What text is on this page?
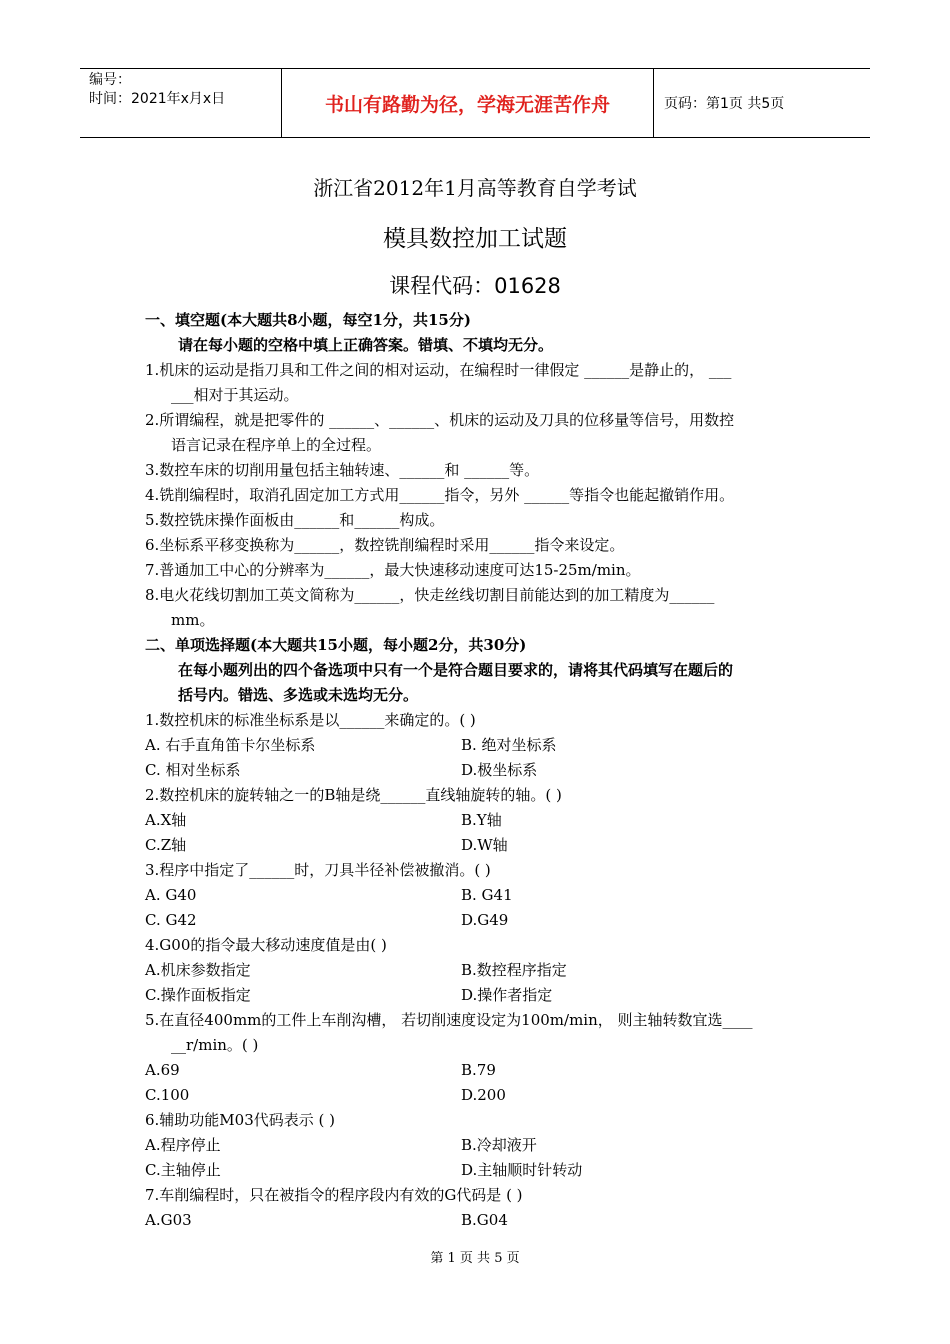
编号：
时间：2021年x月x日	书山有路勤为径，学海无涯苦作舟	页码：第1页 共5页
浙江省2012年1月高等教育自学考试
模具数控加工试题
课程代码：01628
一、填空题(本大题共8小题，每空1分，共15分)
请在每小题的空格中填上正确答案。错填、不填均无分。
1.机床的运动是指刀具和工件之间的相对运动，在编程时一律假定 ______是静止的， ___
___相对于其运动。
2.所谓编程，就是把零件的 ______、______、机床的运动及刀具的位移量等信号，用数控
语言记录在程序单上的全过程。
3.数控车床的切削用量包括主轴转速、______和 ______等。
4.铣削编程时，取消孔固定加工方式用______指令，另外 ______等指令也能起撤销作用。
5.数控铣床操作面板由______和______构成。
6.坐标系平移变换称为______，数控铣削编程时采用______指令来设定。
7.普通加工中心的分辨率为______，最大快速移动速度可达15-25m/min。
8.电火花线切割加工英文简称为______，快走丝线切割目前能达到的加工精度为______
mm。
二、单项选择题(本大题共15小题，每小题2分，共30分)
在每小题列出的四个备选项中只有一个是符合题目要求的，请将其代码填写在题后的
括号内。错选、多选或未选均无分。
1.数控机床的标准坐标系是以______来确定的。( )
A. 右手直角笛卡尔坐标系	B. 绝对坐标系
C. 相对坐标系	D.极坐标系
2.数控机床的旋转轴之一的B轴是绕______直线轴旋转的轴。( )
A.X轴	B.Y轴
C.Z轴	D.W轴
3.程序中指定了______时，刀具半径补偿被撤消。( )
A. G40	B. G41
C. G42	D.G49
4.G00的指令最大移动速度值是由( )
A.机床参数指定	B.数控程序指定
C.操作面板指定	D.操作者指定
5.在直径400mm的工件上车削沟槽， 若切削速度设定为100m/min， 则主轴转数宜选____
__r/min。( )
A.69	B.79
C.100	D.200
6.辅助功能M03代码表示 ( )
A.程序停止	B.冷却液开
C.主轴停止	D.主轴顺时针转动
7.车削编程时，只在被指令的程序段内有效的G代码是 ( )
A.G03	B.G04
第 1 页 共 5 页
